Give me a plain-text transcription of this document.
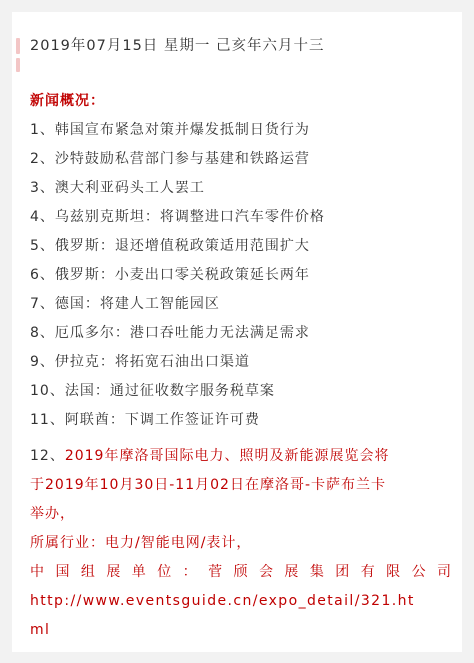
2019年07月15日 星期一 己亥年六月十三
新闻概况：
1、韩国宣布紧急对策并爆发抵制日货行为
2、沙特鼓励私营部门参与基建和铁路运营
3、澳大利亚码头工人罢工
4、乌兹别克斯坦：将调整进口汽车零件价格
5、俄罗斯：退还增值税政策适用范围扩大
6、俄罗斯：小麦出口零关税政策延长两年
7、德国：将建人工智能园区
8、厄瓜多尔：港口吞吐能力无法满足需求
9、伊拉克：将拓宽石油出口渠道
10、法国：通过征收数字服务税草案
11、阿联酋：下调工作签证许可费
12、2019年摩洛哥国际电力、照明及新能源展览会将
于2019年10月30日-11月02日在摩洛哥-卡萨布兰卡
举办，
所属行业：电力/智能电网/表计，
中 国 组 展 单 位 ： 菅 颀 会 展 集 团 有 限 公 司
http://www.eventsguide.cn/expo_detail/321.ht
ml
